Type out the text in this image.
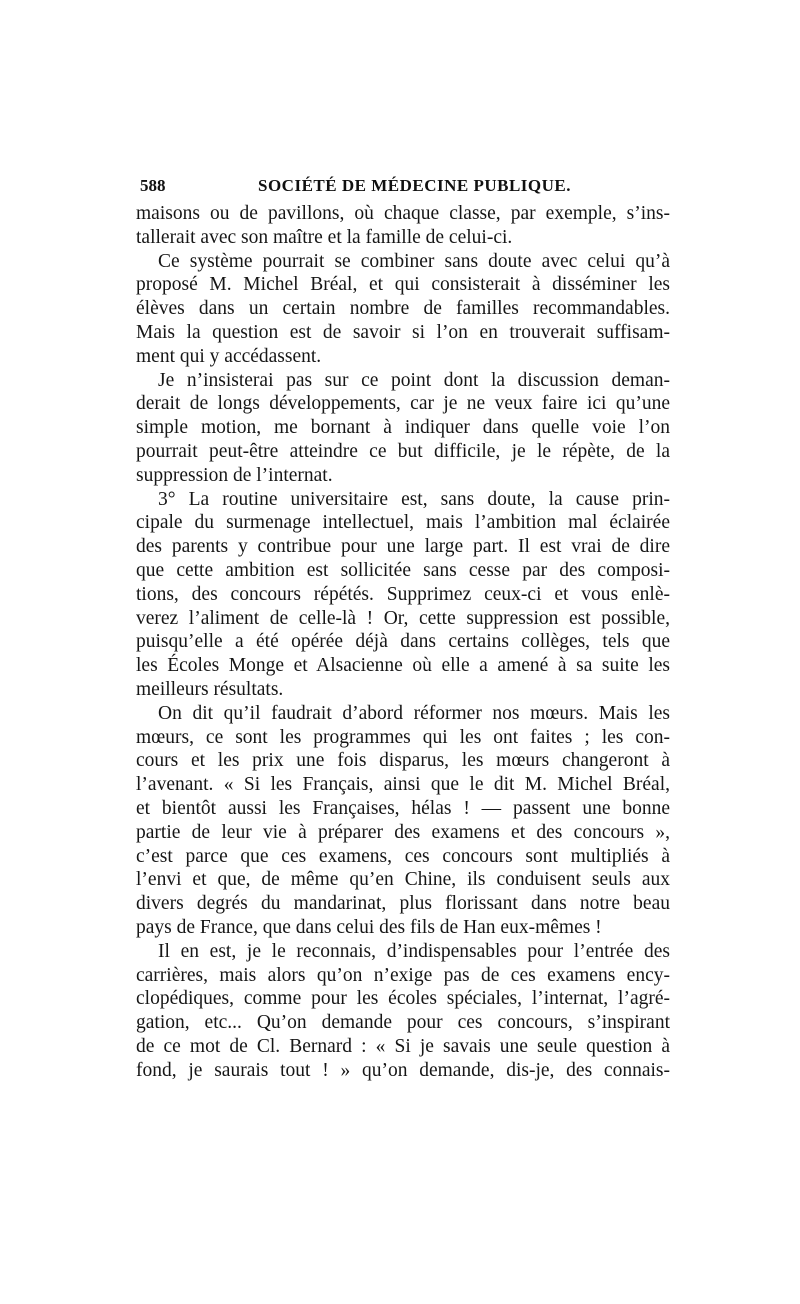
588	SOCIÉTÉ DE MÉDECINE PUBLIQUE.
maisons ou de pavillons, où chaque classe, par exemple, s’ins-
tallerait avec son maître et la famille de celui-ci.
Ce système pourrait se combiner sans doute avec celui qu’à
proposé M. Michel Bréal, et qui consisterait à disséminer les
élèves dans un certain nombre de familles recommandables.
Mais la question est de savoir si l’on en trouverait suffisam-
ment qui y accédassent.
Je n’insisterai pas sur ce point dont la discussion deman-
derait de longs développements, car je ne veux faire ici qu’une
simple motion, me bornant à indiquer dans quelle voie l’on
pourrait peut-être atteindre ce but difficile, je le répète, de la
suppression de l’internat.
3° La routine universitaire est, sans doute, la cause prin-
cipale du surmenage intellectuel, mais l’ambition mal éclairée
des parents y contribue pour une large part. Il est vrai de dire
que cette ambition est sollicitée sans cesse par des composi-
tions, des concours répétés. Supprimez ceux-ci et vous enlè-
verez l’aliment de celle-là ! Or, cette suppression est possible,
puisqu’elle a été opérée déjà dans certains collèges, tels que
les Écoles Monge et Alsacienne où elle a amené à sa suite les
meilleurs résultats.
On dit qu’il faudrait d’abord réformer nos mœurs. Mais les
mœurs, ce sont les programmes qui les ont faites ; les con-
cours et les prix une fois disparus, les mœurs changeront à
l’avenant. « Si les Français, ainsi que le dit M. Michel Bréal,
et bientôt aussi les Françaises, hélas ! — passent une bonne
partie de leur vie à préparer des examens et des concours »,
c’est parce que ces examens, ces concours sont multipliés à
l’envi et que, de même qu’en Chine, ils conduisent seuls aux
divers degrés du mandarinat, plus florissant dans notre beau
pays de France, que dans celui des fils de Han eux-mêmes !
Il en est, je le reconnais, d’indispensables pour l’entrée des
carrières, mais alors qu’on n’exige pas de ces examens ency-
clopédiques, comme pour les écoles spéciales, l’internat, l’agré-
gation, etc... Qu’on demande pour ces concours, s’inspirant
de ce mot de Cl. Bernard : « Si je savais une seule question à
fond, je saurais tout ! » qu’on demande, dis-je, des connais-
